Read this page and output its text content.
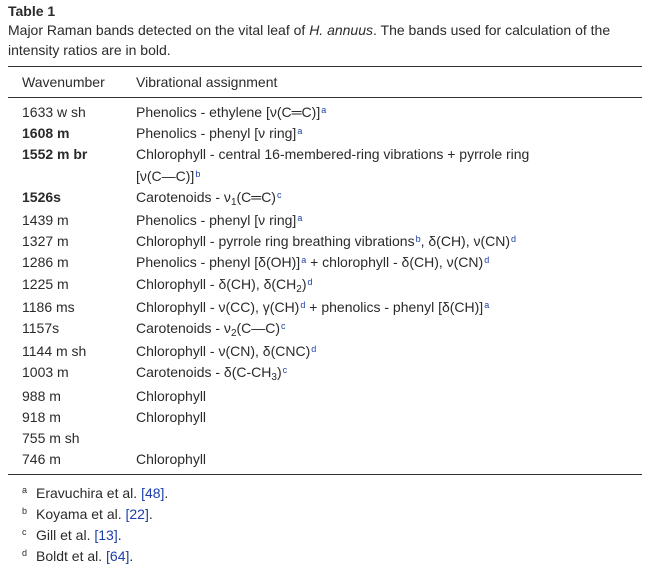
Table 1
Major Raman bands detected on the vital leaf of H. annuus. The bands used for calculation of the intensity ratios are in bold.
Wavenumber	Vibrational assignment
1633 w sh	Phenolics - ethylene [ν(C═C)]$^a$
1608 m	Phenolics - phenyl [ν ring]$^a$
1552 m br	Chlorophyll - central 16-membered-ring vibrations + pyrrole ring
[ν(C—C)]$^b$
1526s	Carotenoids - $\nu_1(C═C)^c$
1439 m	Phenolics - phenyl [ν ring]$^a$
1327 m	Chlorophyll - pyrrole ring breathing vibrations$^b$, δ(CH), ν(CN)$^d$
1286 m	Phenolics - phenyl [δ(OH)]$^a$ + chlorophyll - δ(CH), ν(CN)$^d$
1225 m	Chlorophyll - δ(CH), $\delta(CH_2)^d$
1186 ms	Chlorophyll - ν(CC), γ(CH)$^d$ + phenolics - phenyl [δ(CH)]$^a$
1157s	Carotenoids - $\nu_2(C—C)^c$
1144 m sh	Chlorophyll - ν(CN), δ(CNC)$^d$
1003 m	Carotenoids - $\delta(C-CH_3)^c$
988 m	Chlorophyll
918 m	Chlorophyll
755 m sh
746 m	Chlorophyll
a Eravuchira et al. [48].
b Koyama et al. [22].
c Gill et al. [13].
d Boldt et al. [64].
